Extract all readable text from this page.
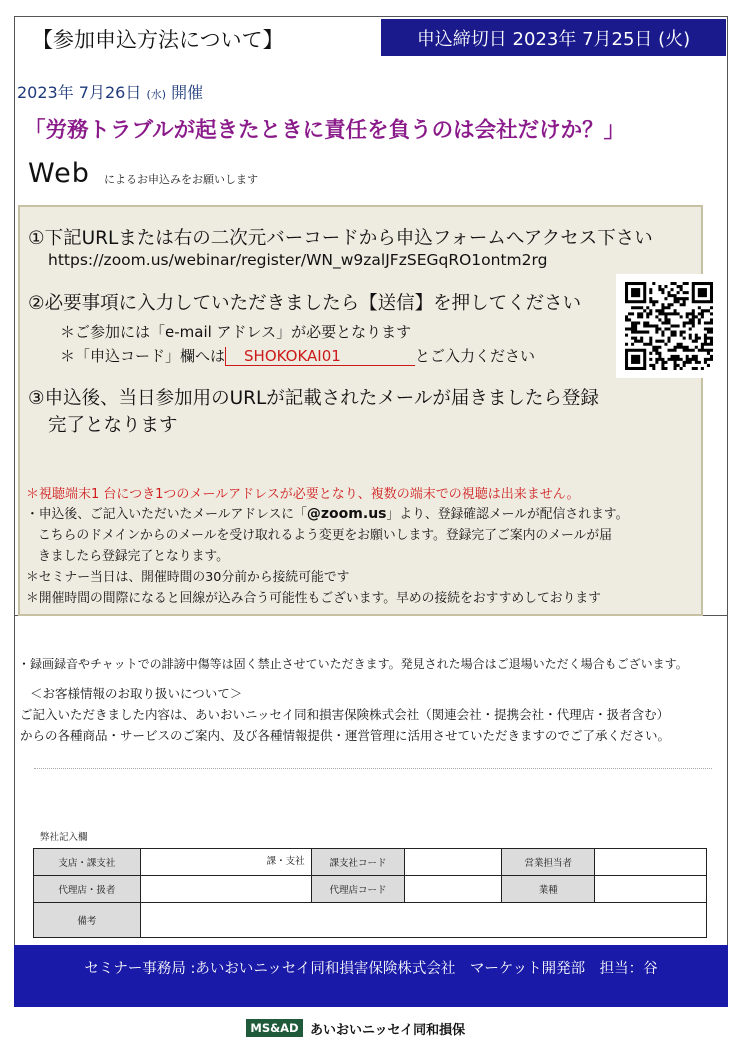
【参加申込方法について】	申込締切日 2023年 7月25日 (火)
2023年 7月26日 (水) 開催
「労務トラブルが起きたときに責任を負うのは会社だけか？」
Web によるお申込みをお願いします
①下記URLまたは右の二次元バーコードから申込フォームへアクセス下さい
https://zoom.us/webinar/register/WN_w9zalJFzSEGqRO1ontm2rg
②必要事項に入力していただきましたら【送信】を押してください
＊ご参加には「e-mail アドレス」が必要となります
＊「申込コード」欄へは SHOKOKAI01	とご入力ください
③申込後、当日参加用のURLが記載されたメールが届きましたら登録
完了となります
＊視聴端末1 台につき1つのメールアドレスが必要となり、複数の端末での視聴は出来ません。
・申込後、ご記入いただいたメールアドレスに「@zoom.us」より、登録確認メールが配信されます。
こちらのドメインからのメールを受け取れるよう変更をお願いします。登録完了ご案内のメールが届
きましたら登録完了となります。
＊セミナー当日は、開催時間の30分前から接続可能です
＊開催時間の間際になると回線が込み合う可能性もございます。早めの接続をおすすめしております
・録画録音やチャットでの誹謗中傷等は固く禁止させていただきます。発見された場合はご退場いただく場合もございます。
＜お客様情報のお取り扱いについて＞
ご記入いただきました内容は、あいおいニッセイ同和損害保険株式会社（関連会社・提携会社・代理店・扱者含む）
からの各種商品・サービスのご案内、及び各種情報提供・運営管理に活用させていただきますのでご了承ください。
弊社記入欄
支店・課支社	課・支社	課支社コード		営業担当者	
代理店・扱者		代理店コード		業種	
備考					
セミナー事務局 :あいおいニッセイ同和損害保険株式会社　マーケット開発部　担当：谷
MS&AD あいおいニッセイ同和損保
